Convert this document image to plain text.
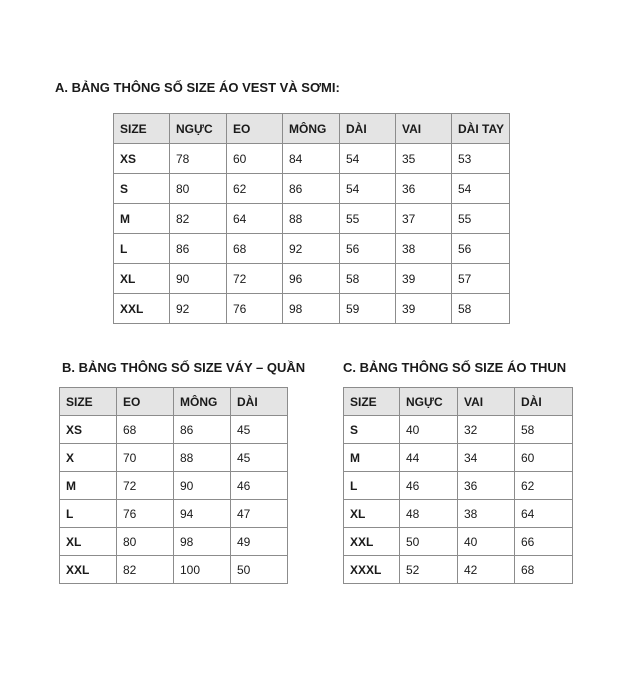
A. BẢNG THÔNG SỐ SIZE ÁO VEST VÀ SƠMI:
SIZE	NGỰC	EO	MÔNG	DÀI	VAI	DÀI TAY
XS	78	60	84	54	35	53
S	80	62	86	54	36	54
M	82	64	88	55	37	55
L	86	68	92	56	38	56
XL	90	72	96	58	39	57
XXL	92	76	98	59	39	58
B. BẢNG THÔNG SỐ SIZE VÁY – QUẦN
SIZE	EO	MÔNG	DÀI
XS	68	86	45
X	70	88	45
M	72	90	46
L	76	94	47
XL	80	98	49
XXL	82	100	50
C. BẢNG THÔNG SỐ SIZE ÁO THUN
SIZE	NGỰC	VAI	DÀI
S	40	32	58
M	44	34	60
L	46	36	62
XL	48	38	64
XXL	50	40	66
XXXL	52	42	68
